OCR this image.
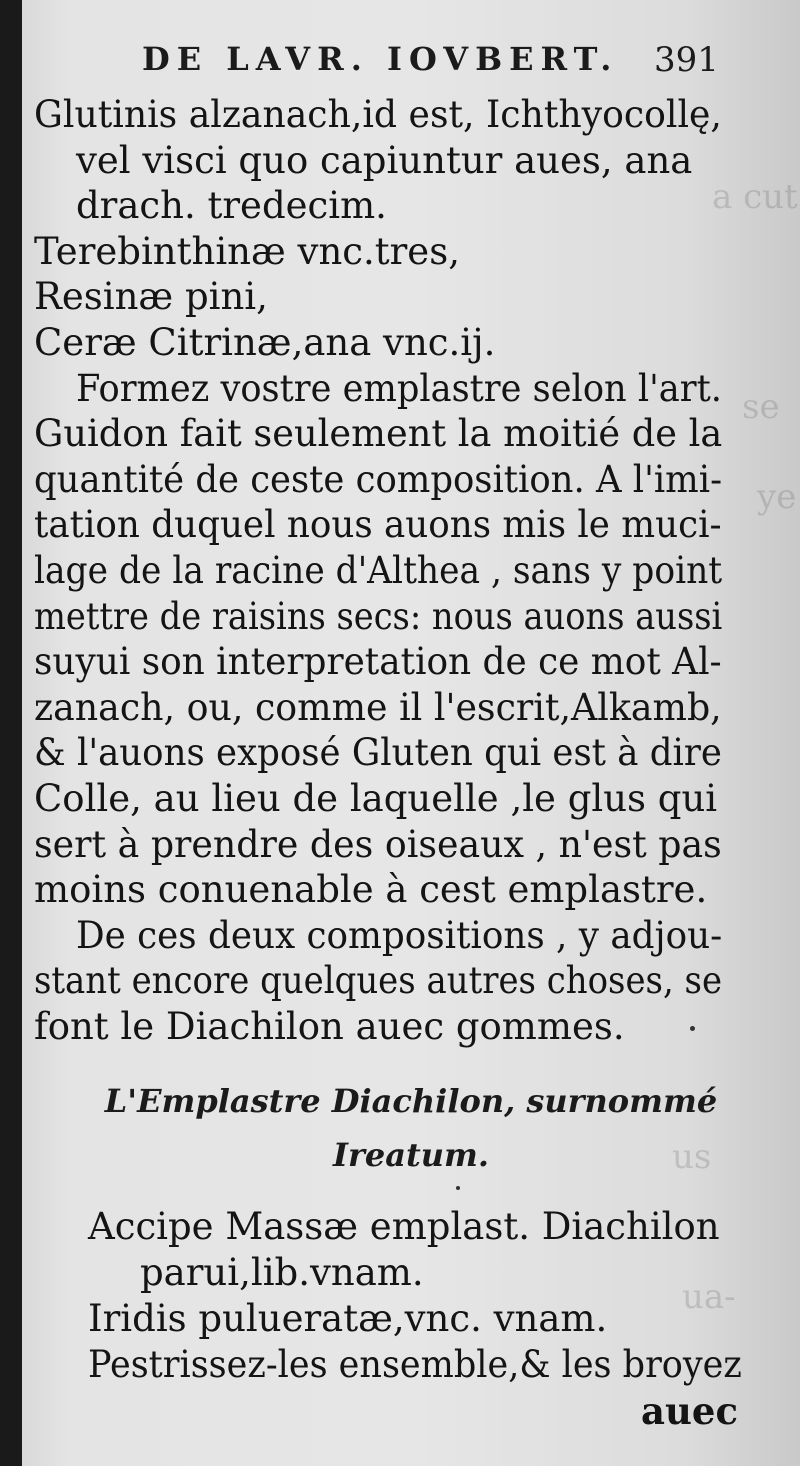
a cut
se
ye
us
ua-
DE LAVR. IOVBERT. 391
Glutinis alzanach,id est, Ichthyocollę,
vel visci quo capiuntur aues, ana
drach. tredecim.
Terebinthinæ vnc.tres,
Resinæ pini,
Ceræ Citrinæ,ana vnc.ij.
Formez vostre emplastre selon l'art.
Guidon fait seulement la moitié de la
quantité de ceste composition. A l'imi-
tation duquel nous auons mis le muci-
lage de la racine d'Althea , sans y point
mettre de raisins secs: nous auons aussi
suyui son interpretation de ce mot Al-
zanach, ou, comme il l'escrit,Alkamb,
& l'auons exposé Gluten qui est à dire
Colle, au lieu de laquelle ,le glus qui
sert à prendre des oiseaux , n'est pas
moins conuenable à cest emplastre.
De ces deux compositions , y adjou-
stant encore quelques autres choses, se
font le Diachilon auec gommes.
L'Emplastre Diachilon, surnommé
Ireatum.
Accipe Massæ emplast. Diachilon
parui,lib.vnam.
Iridis pulueratæ,vnc. vnam.
Pestrissez-les ensemble,& les broyez
auec
